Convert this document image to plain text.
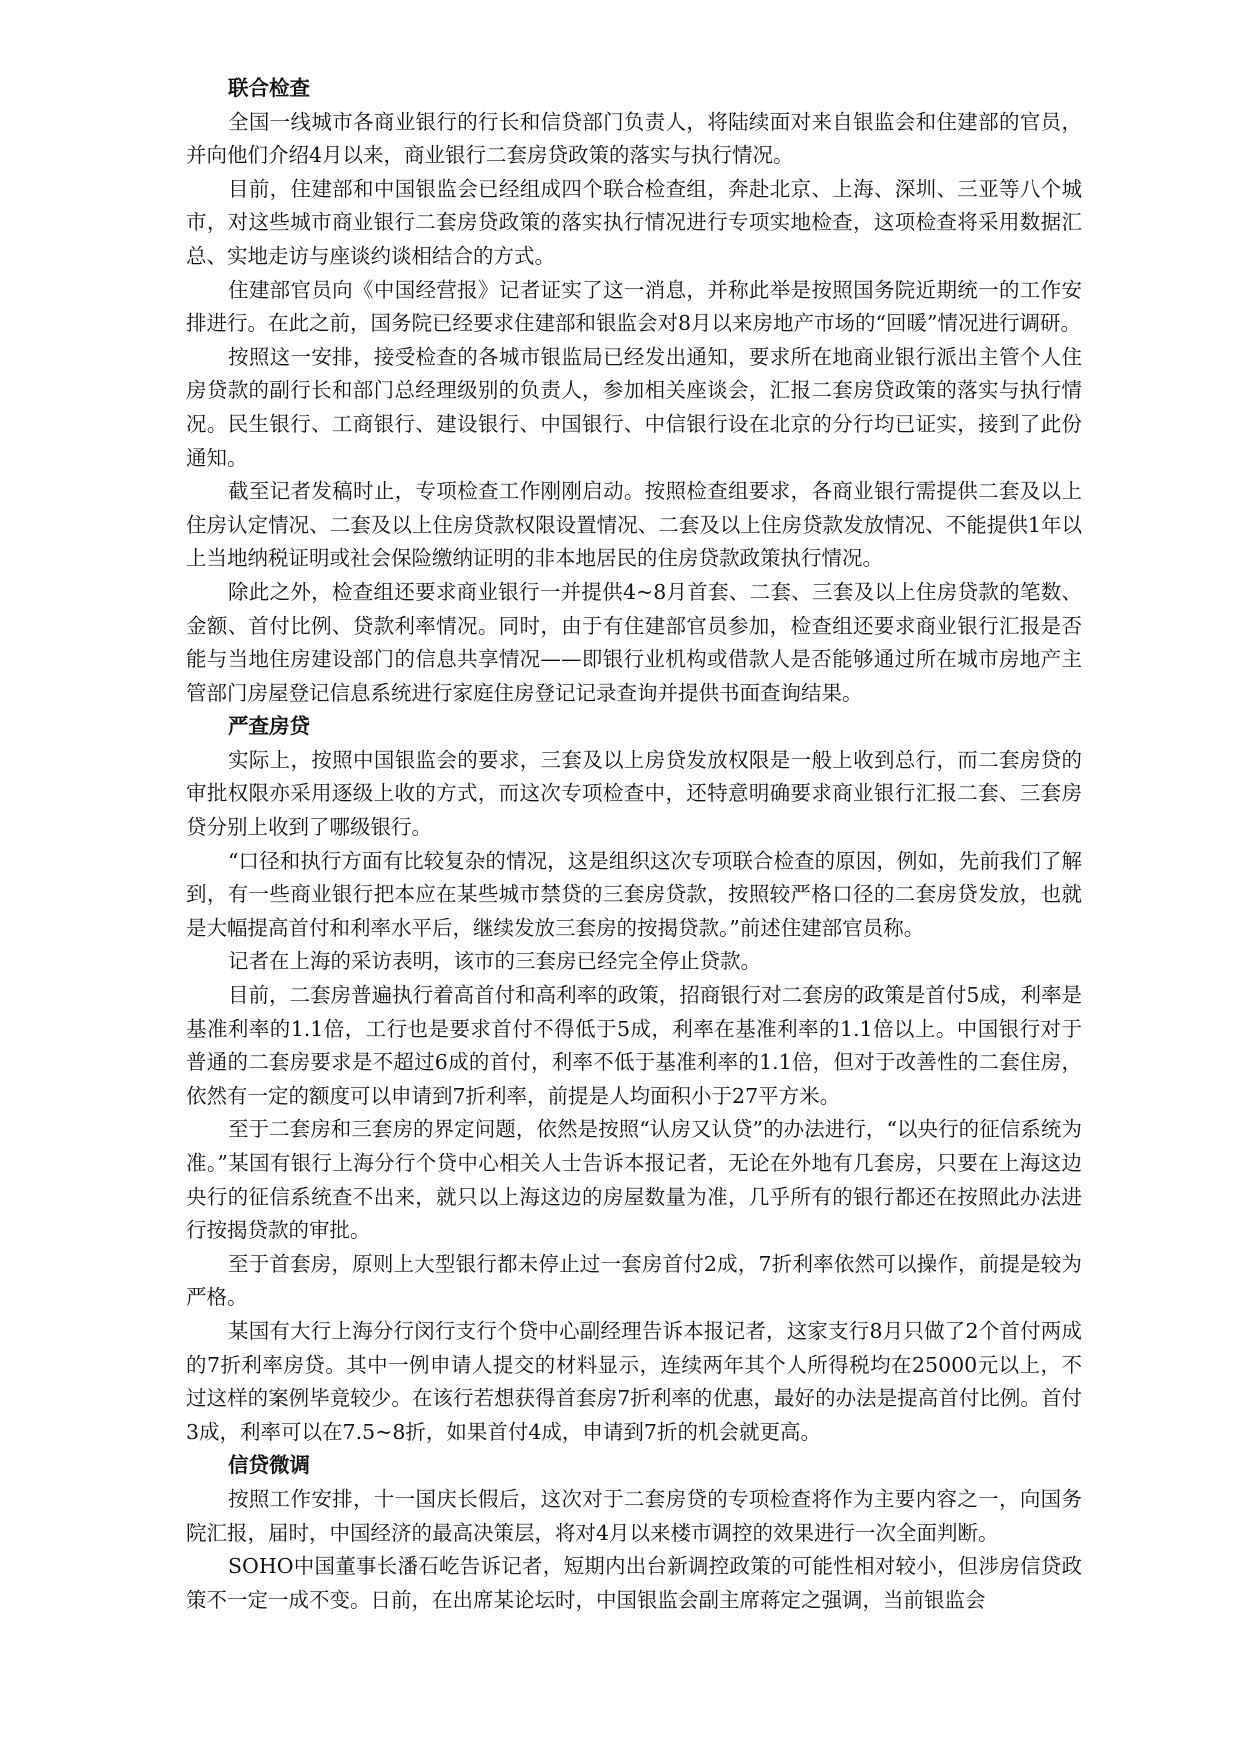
联合检查

全国一线城市各商业银行的行长和信贷部门负责人，将陆续面对来自银监会和住建部的官员，并向他们介绍4月以来，商业银行二套房贷政策的落实与执行情况。

目前，住建部和中国银监会已经组成四个联合检查组，奔赴北京、上海、深圳、三亚等八个城市，对这些城市商业银行二套房贷政策的落实执行情况进行专项实地检查，这项检查将采用数据汇总、实地走访与座谈约谈相结合的方式。

住建部官员向《中国经营报》记者证实了这一消息，并称此举是按照国务院近期统一的工作安排进行。在此之前，国务院已经要求住建部和银监会对8月以来房地产市场的“回暖”情况进行调研。

按照这一安排，接受检查的各城市银监局已经发出通知，要求所在地商业银行派出主管个人住房贷款的副行长和部门总经理级别的负责人，参加相关座谈会，汇报二套房贷政策的落实与执行情况。民生银行、工商银行、建设银行、中国银行、中信银行设在北京的分行均已证实，接到了此份通知。

截至记者发稿时止，专项检查工作刚刚启动。按照检查组要求，各商业银行需提供二套及以上住房认定情况、二套及以上住房贷款权限设置情况、二套及以上住房贷款发放情况、不能提供1年以上当地纳税证明或社会保险缴纳证明的非本地居民的住房贷款政策执行情况。

除此之外，检查组还要求商业银行一并提供4~8月首套、二套、三套及以上住房贷款的笔数、金额、首付比例、贷款利率情况。同时，由于有住建部官员参加，检查组还要求商业银行汇报是否能与当地住房建设部门的信息共享情况——即银行业机构或借款人是否能够通过所在城市房地产主管部门房屋登记信息系统进行家庭住房登记记录查询并提供书面查询结果。

严查房贷

实际上，按照中国银监会的要求，三套及以上房贷发放权限是一般上收到总行，而二套房贷的审批权限亦采用逐级上收的方式，而这次专项检查中，还特意明确要求商业银行汇报二套、三套房贷分别上收到了哪级银行。

“口径和执行方面有比较复杂的情况，这是组织这次专项联合检查的原因，例如，先前我们了解到，有一些商业银行把本应在某些城市禁贷的三套房贷款，按照较严格口径的二套房贷发放，也就是大幅提高首付和利率水平后，继续发放三套房的按揭贷款。”前述住建部官员称。

记者在上海的采访表明，该市的三套房已经完全停止贷款。

目前，二套房普遍执行着高首付和高利率的政策，招商银行对二套房的政策是首付5成，利率是基准利率的1.1倍，工行也是要求首付不得低于5成，利率在基准利率的1.1倍以上。中国银行对于普通的二套房要求是不超过6成的首付，利率不低于基准利率的1.1倍，但对于改善性的二套住房，依然有一定的额度可以申请到7折利率，前提是人均面积小于27平方米。

至于二套房和三套房的界定问题，依然是按照“认房又认贷”的办法进行，“以央行的征信系统为准。”某国有银行上海分行个贷中心相关人士告诉本报记者，无论在外地有几套房，只要在上海这边央行的征信系统查不出来，就只以上海这边的房屋数量为准，几乎所有的银行都还在按照此办法进行按揭贷款的审批。

至于首套房，原则上大型银行都未停止过一套房首付2成，7折利率依然可以操作，前提是较为严格。

某国有大行上海分行闵行支行个贷中心副经理告诉本报记者，这家支行8月只做了2个首付两成的7折利率房贷。其中一例申请人提交的材料显示，连续两年其个人所得税均在25000元以上，不过这样的案例毕竟较少。在该行若想获得首套房7折利率的优惠，最好的办法是提高首付比例。首付3成，利率可以在7.5~8折，如果首付4成，申请到7折的机会就更高。

信贷微调

按照工作安排，十一国庆长假后，这次对于二套房贷的专项检查将作为主要内容之一，向国务院汇报，届时，中国经济的最高决策层，将对4月以来楼市调控的效果进行一次全面判断。

SOHO中国董事长潘石屹告诉记者，短期内出台新调控政策的可能性相对较小，但涉房信贷政策不一定一成不变。日前，在出席某论坛时，中国银监会副主席蒋定之强调，当前银监会
